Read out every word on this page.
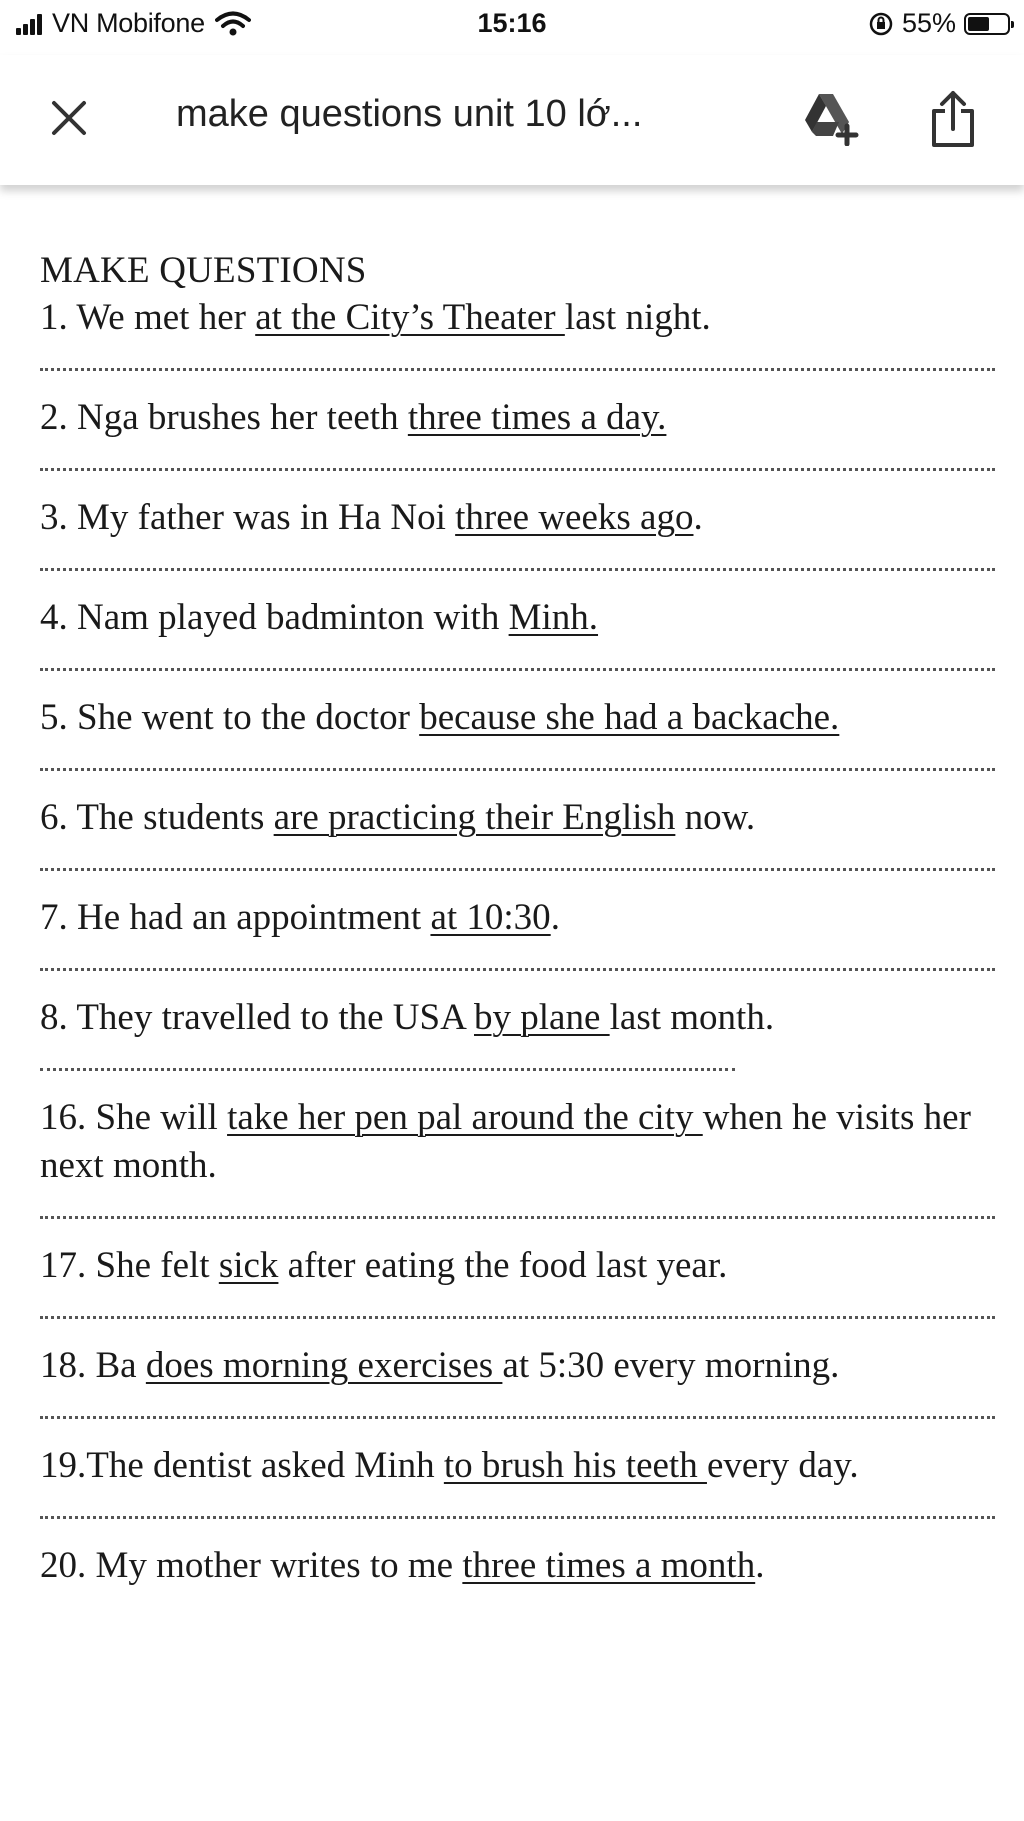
VN Mobifone	15:16	55%
make questions unit 10 lớ...
MAKE QUESTIONS
1. We met her at the City’s Theater last night.
2. Nga brushes her teeth three times a day.
3. My father was in Ha Noi three weeks ago.
4. Nam played badminton with Minh.
5. She went to the doctor because she had a backache.
6. The students are practicing their English now.
7. He had an appointment at 10:30.
8. They travelled to the USA by plane last month.
16. She will take her pen pal around the city when he visits her next month.
17. She felt sick after eating the food last year.
18. Ba does morning exercises at 5:30 every morning.
19.The dentist asked Minh to brush his teeth every day.
20. My mother writes to me three times a month.
